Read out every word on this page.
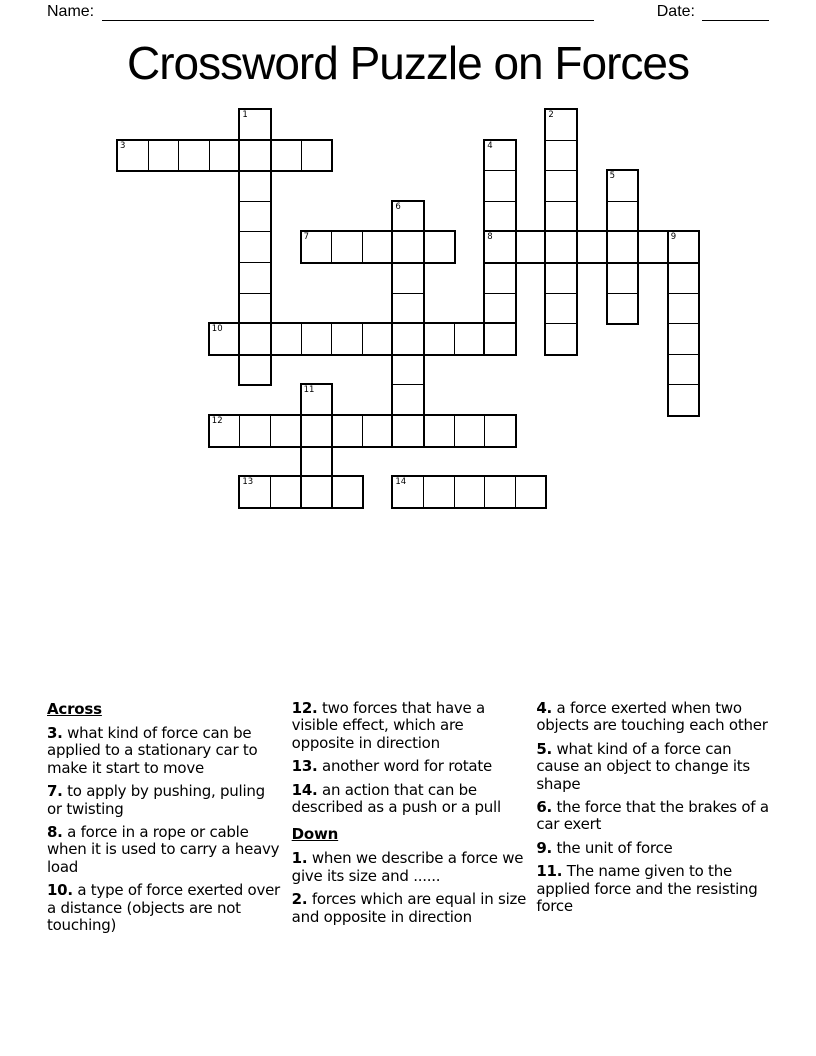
Name:	Date:
Crossword Puzzle on Forces
3
7	8
10
12
13	14
1	2
4
5
6
9
11
Across

3. what kind of force can be applied to a stationary car to make it start to move

7. to apply by pushing, puling or twisting

8. a force in a rope or cable when it is used to carry a heavy load

10. a type of force exerted over a distance (objects are not touching)

12. two forces that have a visible effect, which are opposite in direction

13. another word for rotate

14. an action that can be described as a push or a pull

Down

1. when we describe a force we give its size and ......

2. forces which are equal in size and opposite in direction

4. a force exerted when two objects are touching each other

5. what kind of a force can cause an object to change its shape

6. the force that the brakes of a car exert

9. the unit of force

11. The name given to the applied force and the resisting force
